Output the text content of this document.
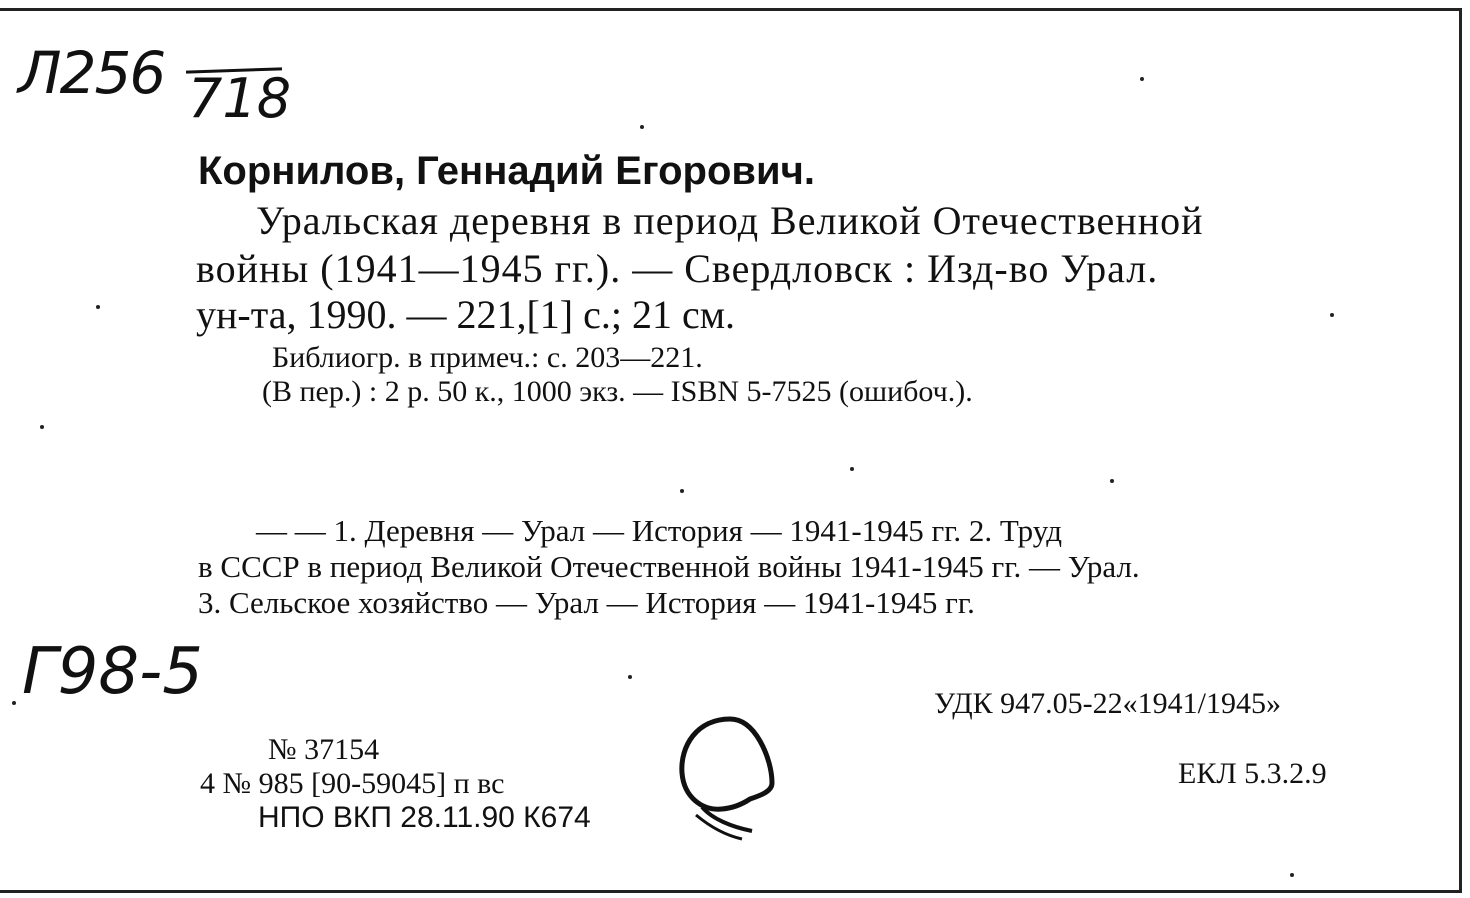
Л256 718
Корнилов, Геннадий Егорович.
Уральская деревня в период Великой Отечественной
войны (1941—1945 гг.). — Свердловск : Изд-во Урал.
ун-та, 1990. — 221,[1] с.; 21 см.
Библиогр. в примеч.: с. 203—221.
(В пер.) : 2 р. 50 к., 1000 экз. — ISBN 5-7525 (ошибоч.).
— — 1. Деревня — Урал — История — 1941-1945 гг. 2. Труд
в СССР в период Великой Отечественной войны 1941-1945 гг. — Урал.
3. Сельское хозяйство — Урал — История — 1941-1945 гг.
Г98-5	УДК 947.05-22«1941/1945»
ЕКЛ 5.3.2.9
№ 37154
4 № 985 [90-59045] п вс
НПО ВКП 28.11.90 К674
